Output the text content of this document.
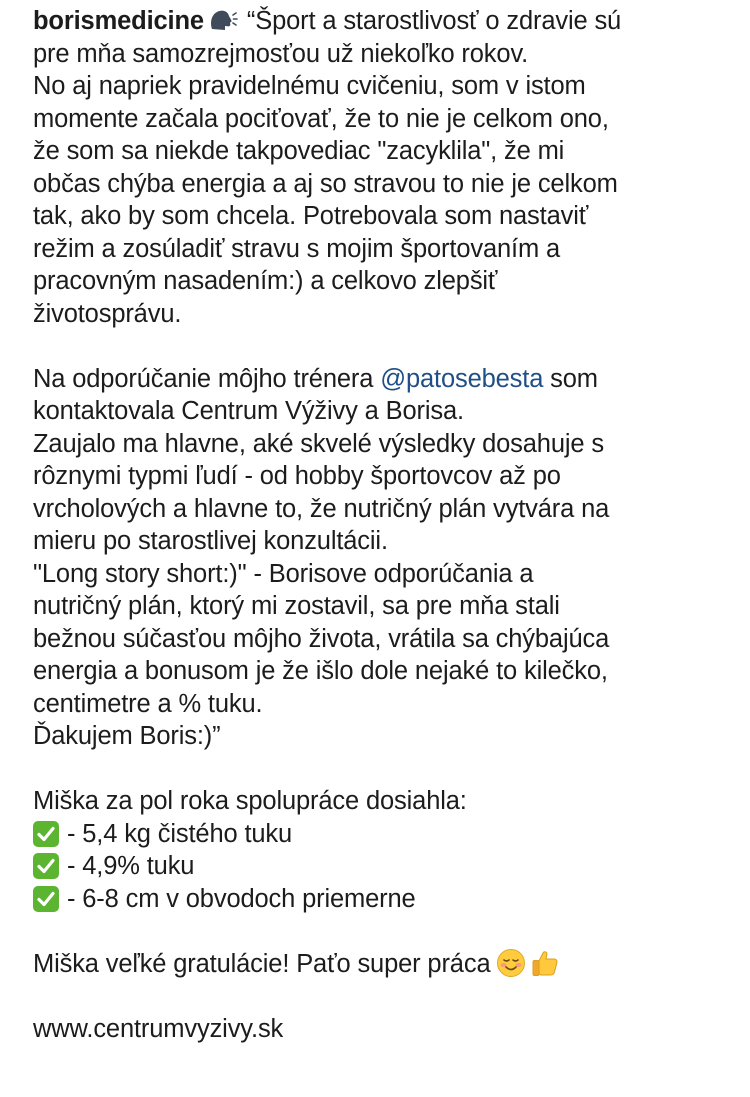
borismedicine “Šport a starostlivosť o zdravie sú
pre mňa samozrejmosťou už niekoľko rokov.
No aj napriek pravidelnému cvičeniu, som v istom
momente začala pociťovať, že to nie je celkom ono,
že som sa niekde takpovediac "zacyklila", že mi
občas chýba energia a aj so stravou to nie je celkom
tak, ako by som chcela. Potrebovala som nastaviť
režim a zosúladiť stravu s mojim športovaním a
pracovným nasadením:) a celkovo zlepšiť
životosprávu.
Na odporúčanie môjho trénera @patosebesta som
kontaktovala Centrum Výživy a Borisa.
Zaujalo ma hlavne, aké skvelé výsledky dosahuje s
rôznymi typmi ľudí - od hobby športovcov až po
vrcholových a hlavne to, že nutričný plán vytvára na
mieru po starostlivej konzultácii.
"Long story short:)" - Borisove odporúčania a
nutričný plán, ktorý mi zostavil, sa pre mňa stali
bežnou súčasťou môjho života, vrátila sa chýbajúca
energia a bonusom je že išlo dole nejaké to kilečko,
centimetre a % tuku.
Ďakujem Boris:)”
Miška za pol roka spolupráce dosiahla:
- 5,4 kg čistého tuku
- 4,9% tuku
- 6-8 cm v obvodoch priemerne
Miška veľké gratulácie! Paťo super práca
www.centrumvyzivy.sk
